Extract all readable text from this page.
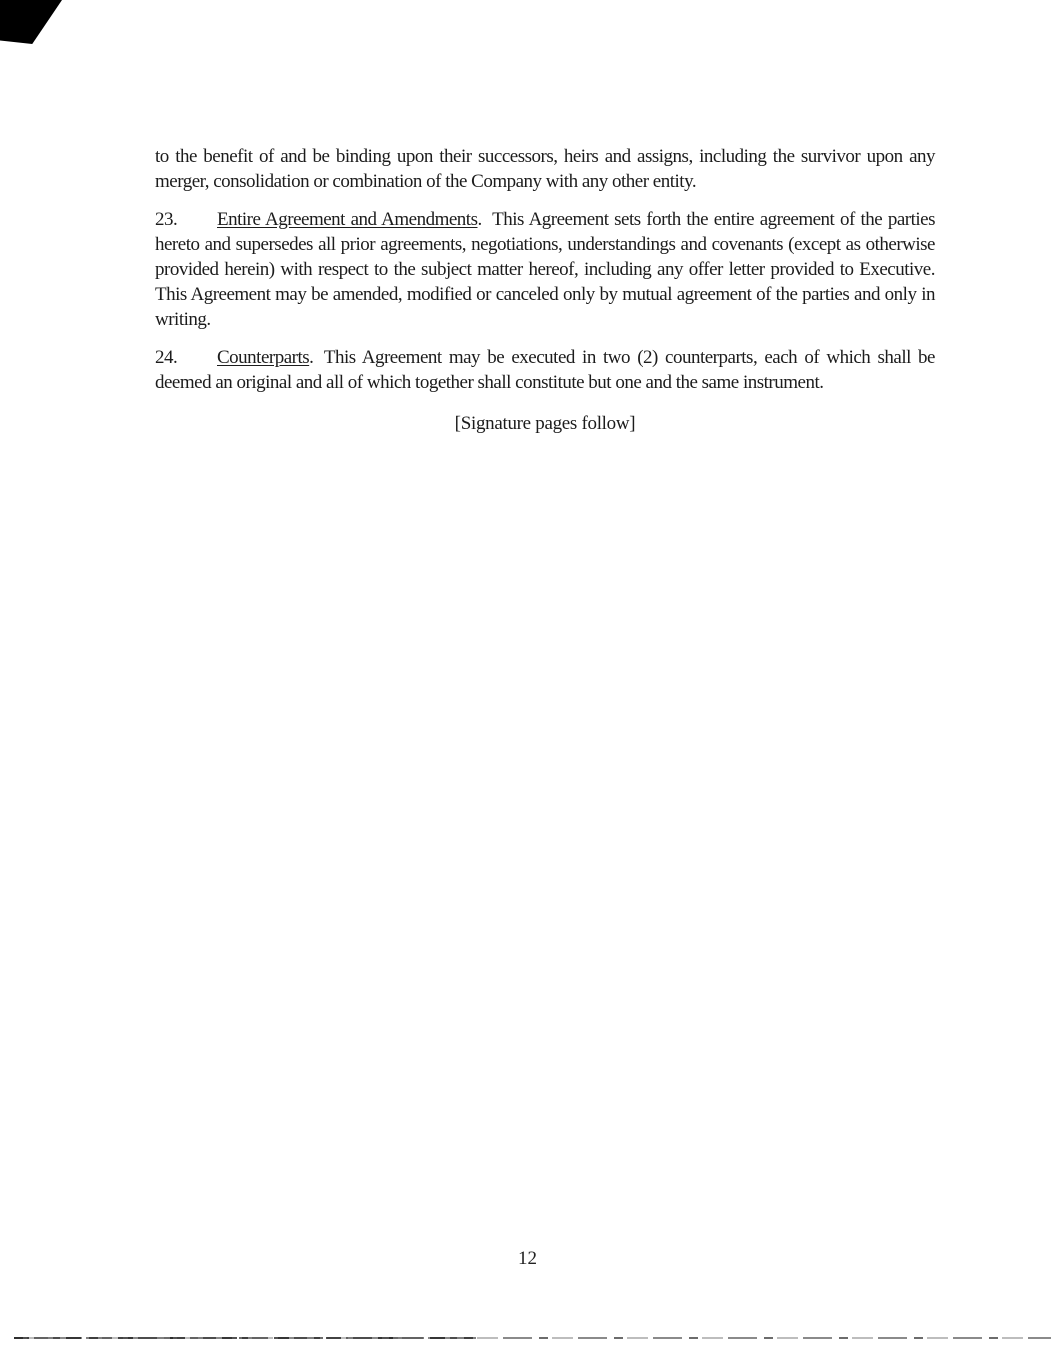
to the benefit of and be binding upon their successors, heirs and assigns, including the survivor upon any merger, consolidation or combination of the Company with any other entity.

23. Entire Agreement and Amendments. This Agreement sets forth the entire agreement of the parties hereto and supersedes all prior agreements, negotiations, understandings and covenants (except as otherwise provided herein) with respect to the subject matter hereof, including any offer letter provided to Executive.  This Agreement may be amended, modified or canceled only by mutual agreement of the parties and only in writing.

24. Counterparts. This Agreement may be executed in two (2) counterparts, each of which shall be deemed an original and all of which together shall constitute but one and the same instrument.

[Signature pages follow]

12
